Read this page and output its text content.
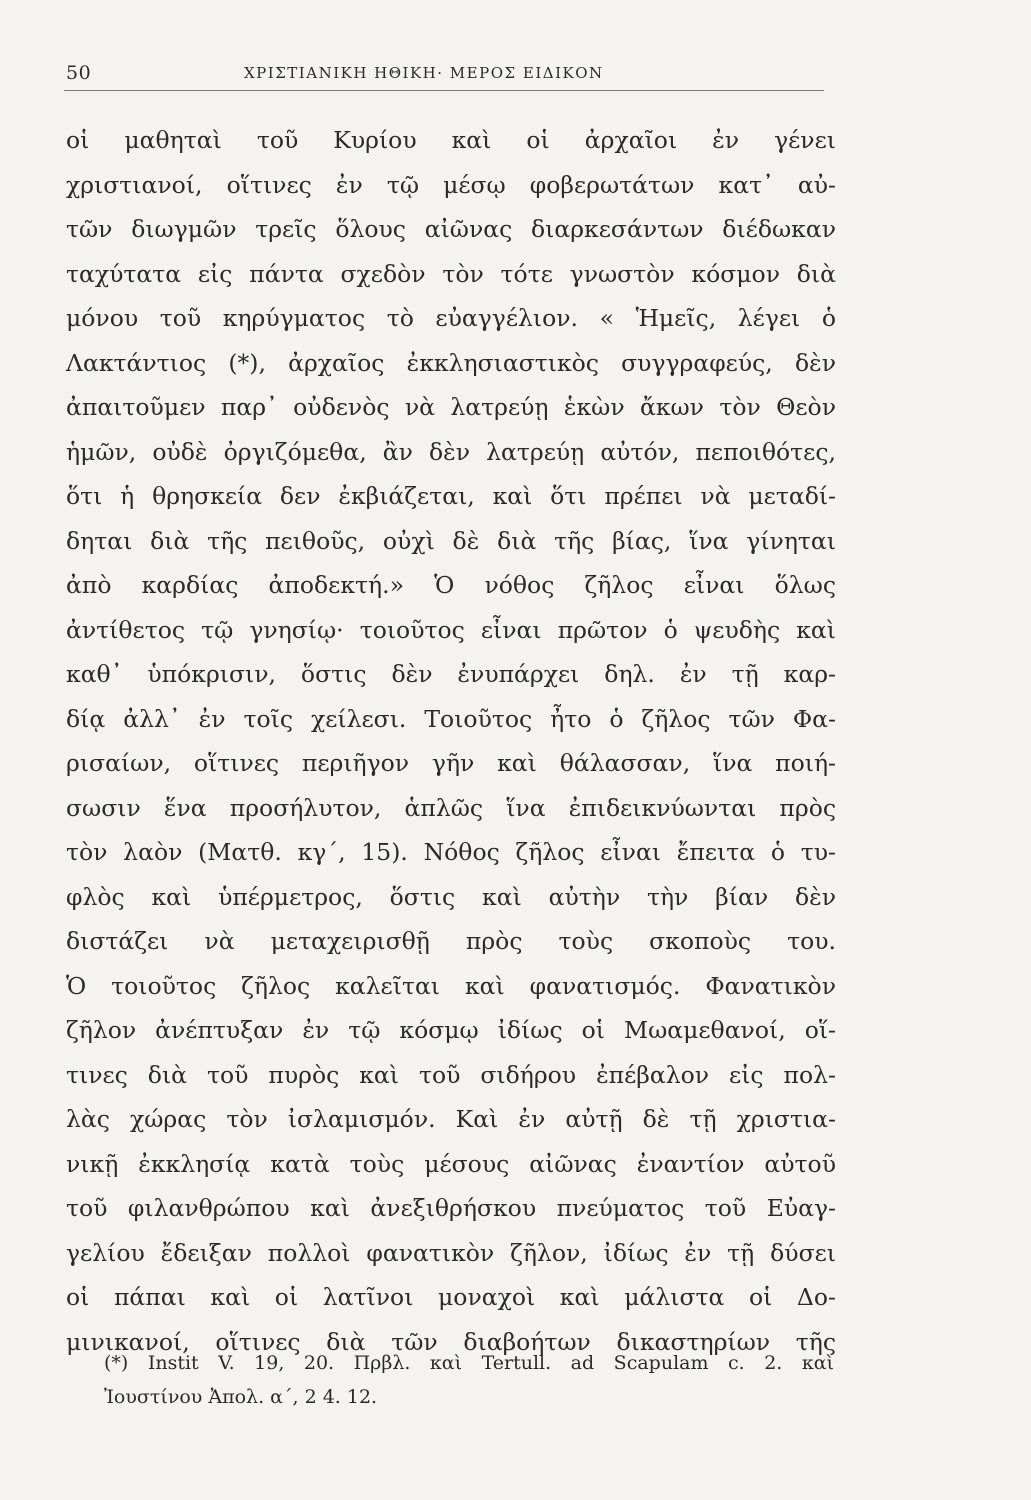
50	ΧΡΙΣΤΙΑΝΙΚΗ ΗΘΙΚΗ· ΜΕΡΟΣ ΕΙΔΙΚΟΝ
οἱ μαθηταὶ τοῦ Κυρίου καὶ οἱ ἀρχαῖοι ἐν γένει
χριστιανοί, οἵτινες ἐν τῷ μέσῳ φοβερωτάτων κατ᾽ αὐ-
τῶν διωγμῶν τρεῖς ὅλους αἰῶνας διαρκεσάντων διέδωκαν
ταχύτατα εἰς πάντα σχεδὸν τὸν τότε γνωστὸν κόσμον διὰ
μόνου τοῦ κηρύγματος τὸ εὐαγγέλιον. « Ἡμεῖς, λέγει ὁ
Λακτάντιος (*), ἀρχαῖος ἐκκλησιαστικὸς συγγραφεύς, δὲν
ἀπαιτοῦμεν παρ᾽ οὐδενὸς νὰ λατρεύῃ ἑκὼν ἄκων τὸν Θεὸν
ἡμῶν, οὐδὲ ὀργιζόμεθα, ἂν δὲν λατρεύῃ αὐτόν, πεποιθότες,
ὅτι ἡ θρησκεία δεν ἐκβιάζεται, καὶ ὅτι πρέπει νὰ μεταδί-
δηται διὰ τῆς πειθοῦς, οὐχὶ δὲ διὰ τῆς βίας, ἵνα γίνηται
ἀπὸ καρδίας ἀποδεκτή.» Ὁ νόθος ζῆλος εἶναι ὅλως
ἀντίθετος τῷ γνησίῳ· τοιοῦτος εἶναι πρῶτον ὁ ψευδὴς καὶ
καθ᾽ ὑπόκρισιν, ὅστις δὲν ἐνυπάρχει δηλ. ἐν τῇ καρ-
δίᾳ ἀλλ᾽ ἐν τοῖς χείλεσι. Τοιοῦτος ἦτο ὁ ζῆλος τῶν Φα-
ρισαίων, οἵτινες περιῆγον γῆν καὶ θάλασσαν, ἵνα ποιή-
σωσιν ἕνα προσήλυτον, ἁπλῶς ἵνα ἐπιδεικνύωνται πρὸς
τὸν λαὸν (Ματθ. κγ΄, 15). Νόθος ζῆλος εἶναι ἔπειτα ὁ τυ-
φλὸς καὶ ὑπέρμετρος, ὅστις καὶ αὐτὴν τὴν βίαν δὲν
διστάζει νὰ μεταχειρισθῇ πρὸς τοὺς σκοποὺς του.
Ὁ τοιοῦτος ζῆλος καλεῖται καὶ φανατισμός. Φανατικὸν
ζῆλον ἀνέπτυξαν ἐν τῷ κόσμῳ ἰδίως οἱ Μωαμεθανοί, οἵ-
τινες διὰ τοῦ πυρὸς καὶ τοῦ σιδήρου ἐπέβαλον εἰς πολ-
λὰς χώρας τὸν ἰσλαμισμόν. Καὶ ἐν αὐτῇ δὲ τῇ χριστια-
νικῇ ἐκκλησίᾳ κατὰ τοὺς μέσους αἰῶνας ἐναντίον αὐτοῦ
τοῦ φιλανθρώπου καὶ ἀνεξιθρήσκου πνεύματος τοῦ Εὐαγ-
γελίου ἔδειξαν πολλοὶ φανατικὸν ζῆλον, ἰδίως ἐν τῇ δύσει
οἱ πάπαι καὶ οἱ λατῖνοι μοναχοὶ καὶ μάλιστα οἱ Δο-
μινικανοί, οἵτινες διὰ τῶν διαβοήτων δικαστηρίων τῆς
(*) Instit V. 19, 20. Πρβλ. καὶ Tertull. ad Scapulam c. 2. καὶ
Ἰουστίνου Ἀπολ. α΄, 2 4. 12.
